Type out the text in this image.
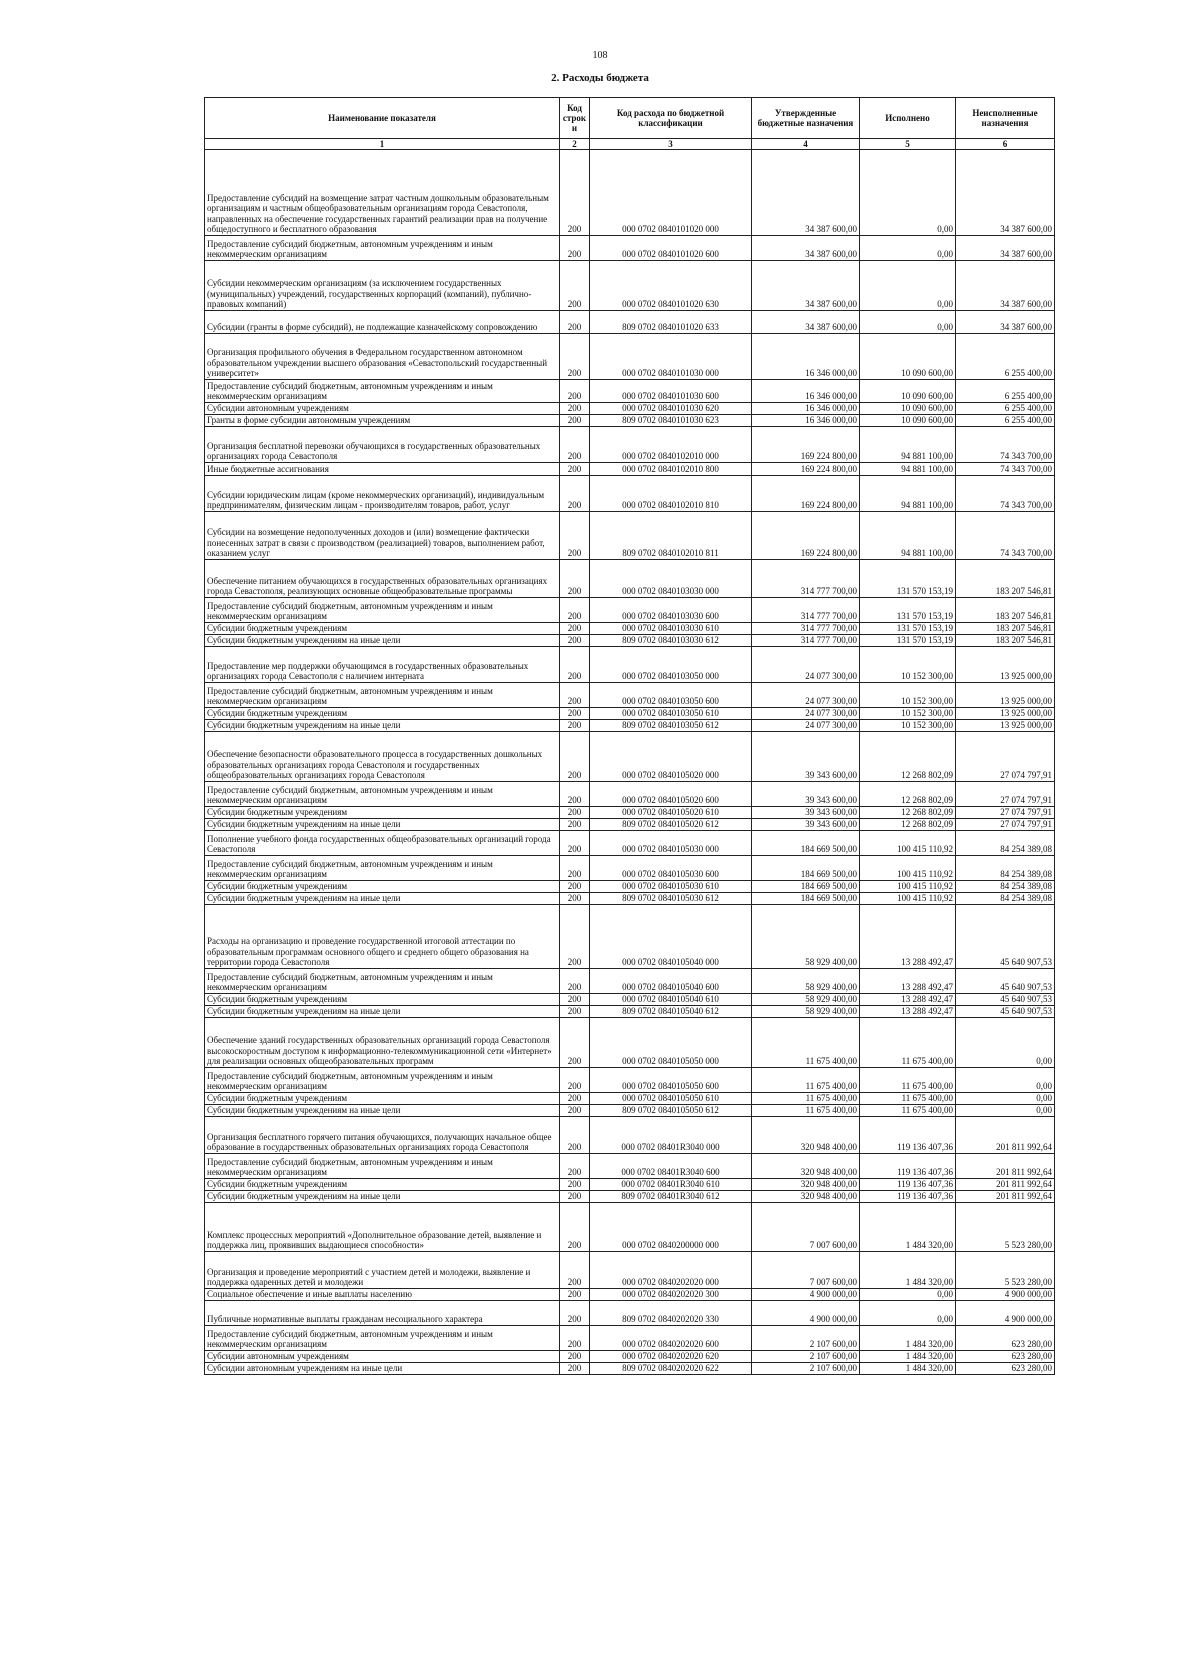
108
2. Расходы бюджета
Наименование показателя	Код строк и	Код расхода по бюджетной классификации	Утвержденные бюджетные назначения	Исполнено	Неисполненные назначения
1	2	3	4	5	6
Предоставление субсидий на возмещение затрат частным дошкольным образовательным организациям и частным общеобразовательным организациям города Севастополя, направленных на обеспечение государственных гарантий реализации прав на получение общедоступного и бесплатного образования	200	000 0702 0840101020 000	34 387 600,00	0,00	34 387 600,00
Предоставление субсидий бюджетным, автономным учреждениям и иным некоммерческим организациям	200	000 0702 0840101020 600	34 387 600,00	0,00	34 387 600,00
Субсидии некоммерческим организациям (за исключением государственных (муниципальных) учреждений, государственных корпораций (компаний), публично-правовых компаний)	200	000 0702 0840101020 630	34 387 600,00	0,00	34 387 600,00
Субсидии (гранты в форме субсидий), не подлежащие казначейскому сопровождению	200	809 0702 0840101020 633	34 387 600,00	0,00	34 387 600,00
Организация профильного обучения в Федеральном государственном автономном образовательном учреждении высшего образования «Севастопольский государственный университет»	200	000 0702 0840101030 000	16 346 000,00	10 090 600,00	6 255 400,00
Предоставление субсидий бюджетным, автономным учреждениям и иным некоммерческим организациям	200	000 0702 0840101030 600	16 346 000,00	10 090 600,00	6 255 400,00
Субсидии автономным учреждениям	200	000 0702 0840101030 620	16 346 000,00	10 090 600,00	6 255 400,00
Гранты в форме субсидии автономным учреждениям	200	809 0702 0840101030 623	16 346 000,00	10 090 600,00	6 255 400,00
Организация бесплатной перевозки обучающихся в государственных образовательных организациях города Севастополя	200	000 0702 0840102010 000	169 224 800,00	94 881 100,00	74 343 700,00
Иные бюджетные ассигнования	200	000 0702 0840102010 800	169 224 800,00	94 881 100,00	74 343 700,00
Субсидии юридическим лицам (кроме некоммерческих организаций), индивидуальным предпринимателям, физическим лицам - производителям товаров, работ, услуг	200	000 0702 0840102010 810	169 224 800,00	94 881 100,00	74 343 700,00
Субсидии на возмещение недополученных доходов и (или) возмещение фактически понесенных затрат в связи с производством (реализацией) товаров, выполнением работ, оказанием услуг	200	809 0702 0840102010 811	169 224 800,00	94 881 100,00	74 343 700,00
Обеспечение питанием обучающихся в государственных образовательных организациях города Севастополя, реализующих основные общеобразовательные программы	200	000 0702 0840103030 000	314 777 700,00	131 570 153,19	183 207 546,81
Предоставление субсидий бюджетным, автономным учреждениям и иным некоммерческим организациям	200	000 0702 0840103030 600	314 777 700,00	131 570 153,19	183 207 546,81
Субсидии бюджетным учреждениям	200	000 0702 0840103030 610	314 777 700,00	131 570 153,19	183 207 546,81
Субсидии бюджетным учреждениям на иные цели	200	809 0702 0840103030 612	314 777 700,00	131 570 153,19	183 207 546,81
Предоставление мер поддержки обучающимся в государственных образовательных организациях города Севастополя с наличием интерната	200	000 0702 0840103050 000	24 077 300,00	10 152 300,00	13 925 000,00
Предоставление субсидий бюджетным, автономным учреждениям и иным некоммерческим организациям	200	000 0702 0840103050 600	24 077 300,00	10 152 300,00	13 925 000,00
Субсидии бюджетным учреждениям	200	000 0702 0840103050 610	24 077 300,00	10 152 300,00	13 925 000,00
Субсидии бюджетным учреждениям на иные цели	200	809 0702 0840103050 612	24 077 300,00	10 152 300,00	13 925 000,00
Обеспечение безопасности образовательного процесса в государственных дошкольных образовательных организациях города Севастополя и государственных общеобразовательных организациях города Севастополя	200	000 0702 0840105020 000	39 343 600,00	12 268 802,09	27 074 797,91
Предоставление субсидий бюджетным, автономным учреждениям и иным некоммерческим организациям	200	000 0702 0840105020 600	39 343 600,00	12 268 802,09	27 074 797,91
Субсидии бюджетным учреждениям	200	000 0702 0840105020 610	39 343 600,00	12 268 802,09	27 074 797,91
Субсидии бюджетным учреждениям на иные цели	200	809 0702 0840105020 612	39 343 600,00	12 268 802,09	27 074 797,91
Пополнение учебного фонда государственных общеобразовательных организаций города Севастополя	200	000 0702 0840105030 000	184 669 500,00	100 415 110,92	84 254 389,08
Предоставление субсидий бюджетным, автономным учреждениям и иным некоммерческим организациям	200	000 0702 0840105030 600	184 669 500,00	100 415 110,92	84 254 389,08
Субсидии бюджетным учреждениям	200	000 0702 0840105030 610	184 669 500,00	100 415 110,92	84 254 389,08
Субсидии бюджетным учреждениям на иные цели	200	809 0702 0840105030 612	184 669 500,00	100 415 110,92	84 254 389,08
Расходы на организацию и проведение государственной итоговой аттестации по образовательным программам основного общего и среднего общего образования на территории города Севастополя	200	000 0702 0840105040 000	58 929 400,00	13 288 492,47	45 640 907,53
Предоставление субсидий бюджетным, автономным учреждениям и иным некоммерческим организациям	200	000 0702 0840105040 600	58 929 400,00	13 288 492,47	45 640 907,53
Субсидии бюджетным учреждениям	200	000 0702 0840105040 610	58 929 400,00	13 288 492,47	45 640 907,53
Субсидии бюджетным учреждениям на иные цели	200	809 0702 0840105040 612	58 929 400,00	13 288 492,47	45 640 907,53
Обеспечение зданий государственных образовательных организаций города Севастополя высокоскоростным доступом к информационно-телекоммуникационной сети «Интернет» для реализации основных общеобразовательных программ	200	000 0702 0840105050 000	11 675 400,00	11 675 400,00	0,00
Предоставление субсидий бюджетным, автономным учреждениям и иным некоммерческим организациям	200	000 0702 0840105050 600	11 675 400,00	11 675 400,00	0,00
Субсидии бюджетным учреждениям	200	000 0702 0840105050 610	11 675 400,00	11 675 400,00	0,00
Субсидии бюджетным учреждениям на иные цели	200	809 0702 0840105050 612	11 675 400,00	11 675 400,00	0,00
Организация бесплатного горячего питания обучающихся, получающих начальное общее образование в государственных образовательных организациях города Севастополя	200	000 0702 08401R3040 000	320 948 400,00	119 136 407,36	201 811 992,64
Предоставление субсидий бюджетным, автономным учреждениям и иным некоммерческим организациям	200	000 0702 08401R3040 600	320 948 400,00	119 136 407,36	201 811 992,64
Субсидии бюджетным учреждениям	200	000 0702 08401R3040 610	320 948 400,00	119 136 407,36	201 811 992,64
Субсидии бюджетным учреждениям на иные цели	200	809 0702 08401R3040 612	320 948 400,00	119 136 407,36	201 811 992,64
Комплекс процессных мероприятий «Дополнительное образование детей, выявление и поддержка лиц, проявивших выдающиеся способности»	200	000 0702 0840200000 000	7 007 600,00	1 484 320,00	5 523 280,00
Организация и проведение мероприятий с участием детей и молодежи, выявление и поддержка одаренных детей и молодежи	200	000 0702 0840202020 000	7 007 600,00	1 484 320,00	5 523 280,00
Социальное обеспечение и иные выплаты населению	200	000 0702 0840202020 300	4 900 000,00	0,00	4 900 000,00
Публичные нормативные выплаты гражданам несоциального характера	200	809 0702 0840202020 330	4 900 000,00	0,00	4 900 000,00
Предоставление субсидий бюджетным, автономным учреждениям и иным некоммерческим организациям	200	000 0702 0840202020 600	2 107 600,00	1 484 320,00	623 280,00
Субсидии автономным учреждениям	200	000 0702 0840202020 620	2 107 600,00	1 484 320,00	623 280,00
Субсидии автономным учреждениям на иные цели	200	809 0702 0840202020 622	2 107 600,00	1 484 320,00	623 280,00
